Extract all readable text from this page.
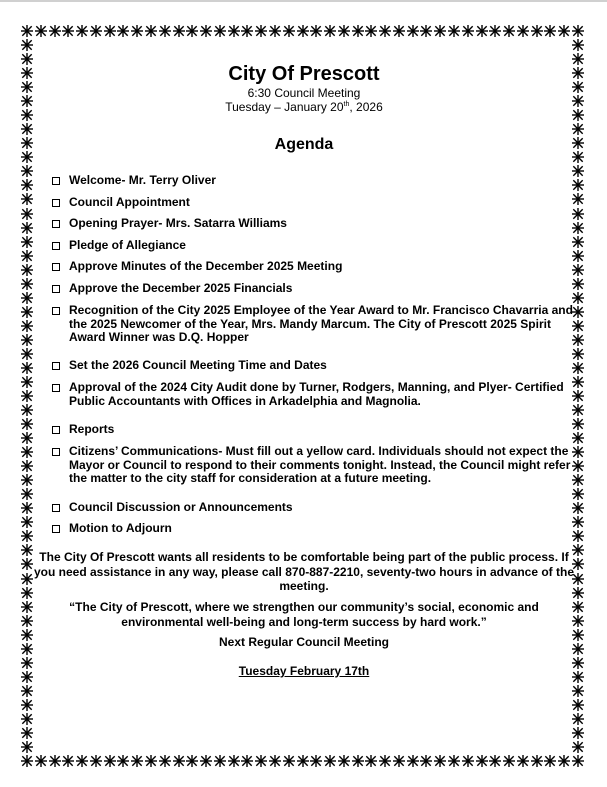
City Of Prescott
6:30 Council Meeting
Tuesday – January 20th, 2026
Agenda
Welcome- Mr. Terry Oliver
Council Appointment
Opening Prayer- Mrs. Satarra Williams
Pledge of Allegiance
Approve Minutes of the December 2025 Meeting
Approve the December 2025 Financials
Recognition of the City 2025 Employee of the Year Award to Mr. Francisco Chavarria and the 2025 Newcomer of the Year, Mrs. Mandy Marcum. The City of Prescott 2025 Spirit Award Winner was D.Q. Hopper
Set the 2026 Council Meeting Time and Dates
Approval of the 2024 City Audit done by Turner, Rodgers, Manning, and Plyer- Certified Public Accountants with Offices in Arkadelphia and Magnolia.
Reports
Citizens’ Communications- Must fill out a yellow card. Individuals should not expect the Mayor or Council to respond to their comments tonight. Instead, the Council might refer the matter to the city staff for consideration at a future meeting.
Council Discussion or Announcements
Motion to Adjourn
The City Of Prescott wants all residents to be comfortable being part of the public process. If you need assistance in any way, please call 870-887-2210, seventy-two hours in advance of the meeting.
“The City of Prescott, where we strengthen our community’s social, economic and environmental well-being and long-term success by hard work.”
Next Regular Council Meeting
Tuesday February 17th
